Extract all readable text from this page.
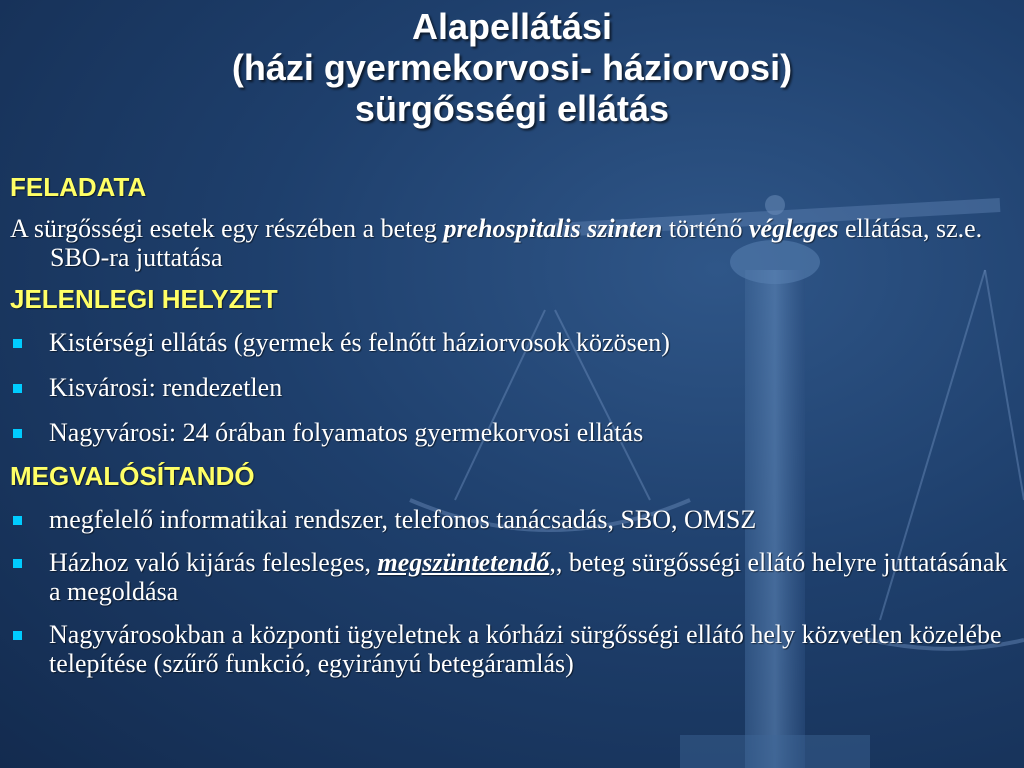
Alapellátási
(házi gyermekorvosi- háziorvosi)
sürgősségi ellátás
FELADATA
A sürgősségi esetek egy részében a beteg prehospitalis szinten történő végleges ellátása, sz.e. SBO-ra juttatása
JELENLEGI HELYZET
Kistérségi ellátás (gyermek és felnőtt háziorvosok közösen)
Kisvárosi: rendezetlen
Nagyvárosi: 24 órában folyamatos gyermekorvosi ellátás
MEGVALÓSÍTANDÓ
megfelelő informatikai rendszer, telefonos tanácsadás, SBO, OMSZ
Házhoz való kijárás felesleges, megszüntetendő,, beteg sürgősségi ellátó helyre juttatásának a megoldása
Nagyvárosokban a központi ügyeletnek a kórházi sürgősségi ellátó hely közvetlen közelébe telepítése (szűrő funkció, egyirányú betegáramlás)
